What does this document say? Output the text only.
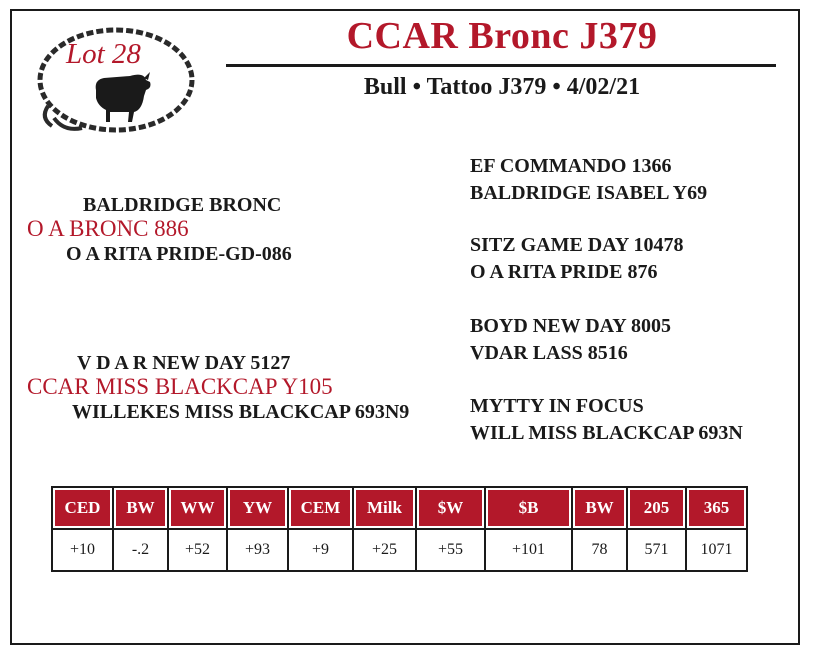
Lot 28	CCAR Bronc J379
Bull • Tattoo J379 • 4/02/21
BALDRIDGE BRONC
O A BRONC 886
O A RITA PRIDE-GD-086
V D A R NEW DAY 5127
CCAR MISS BLACKCAP Y105
WILLEKES MISS BLACKCAP 693N9
EF COMMANDO 1366
BALDRIDGE ISABEL Y69
SITZ GAME DAY 10478
O A RITA PRIDE 876
BOYD NEW DAY 8005
VDAR LASS 8516
MYTTY IN FOCUS
WILL MISS BLACKCAP 693N
CED	BW	WW	YW	CEM	Milk	$W	$B	BW	205	365
+10	-.2	+52	+93	+9	+25	+55	+101	78	571	1071
